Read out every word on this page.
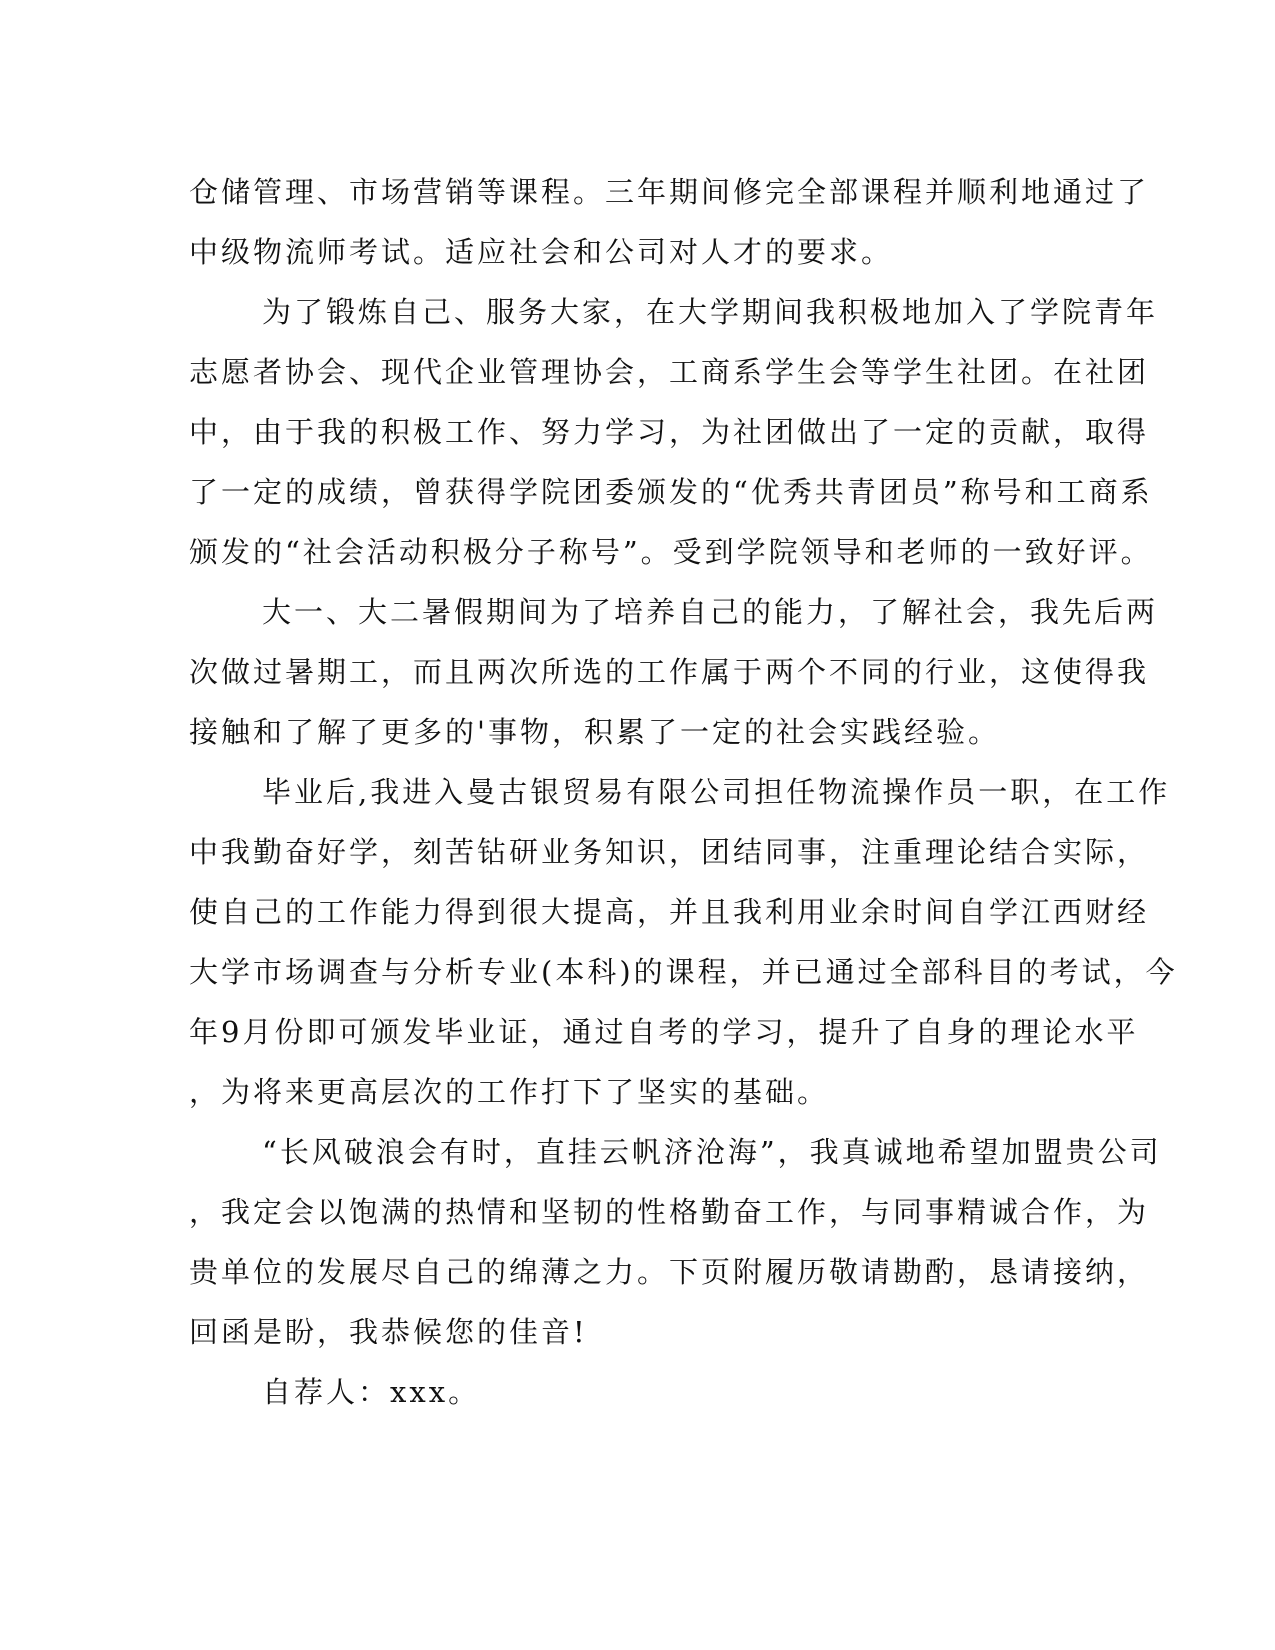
仓储管理、市场营销等课程。三年期间修完全部课程并顺利地通过了
中级物流师考试。适应社会和公司对人才的要求。
为了锻炼自己、服务大家，在大学期间我积极地加入了学院青年
志愿者协会、现代企业管理协会，工商系学生会等学生社团。在社团
中，由于我的积极工作、努力学习，为社团做出了一定的贡献，取得
了一定的成绩，曾获得学院团委颁发的“优秀共青团员”称号和工商系
颁发的“社会活动积极分子称号”。受到学院领导和老师的一致好评。
大一、大二暑假期间为了培养自己的能力，了解社会，我先后两
次做过暑期工，而且两次所选的工作属于两个不同的行业，这使得我
接触和了解了更多的'事物，积累了一定的社会实践经验。
毕业后,我进入曼古银贸易有限公司担任物流操作员一职，在工作
中我勤奋好学，刻苦钻研业务知识，团结同事，注重理论结合实际，
使自己的工作能力得到很大提高，并且我利用业余时间自学江西财经
大学市场调查与分析专业(本科)的课程，并已通过全部科目的考试，今
年9月份即可颁发毕业证，通过自考的学习，提升了自身的理论水平
，为将来更高层次的工作打下了坚实的基础。
“长风破浪会有时，直挂云帆济沧海”，我真诚地希望加盟贵公司
，我定会以饱满的热情和坚韧的性格勤奋工作，与同事精诚合作，为
贵单位的发展尽自己的绵薄之力。下页附履历敬请勘酌，恳请接纳，
回函是盼，我恭候您的佳音!
自荐人：xxx。
